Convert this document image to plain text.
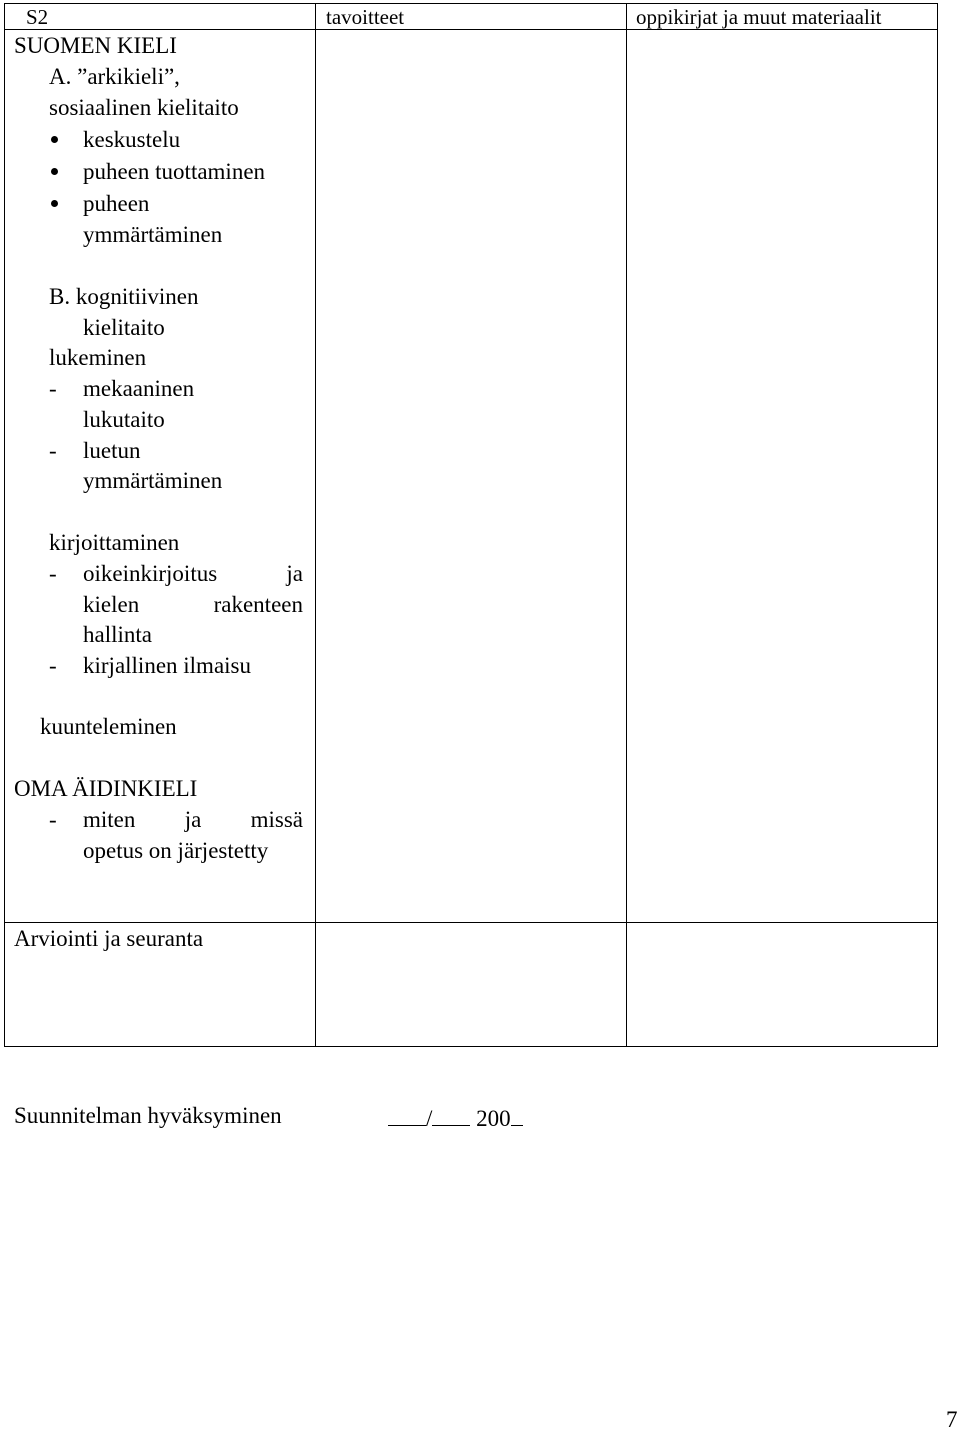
S2	tavoitteet	oppikirjat ja muut materiaalit
SUOMEN KIELI
A. ”arkikieli”,
sosiaalinen kielitaito
keskustelu
puheen tuottaminen
puheen
ymmärtäminen
B. kognitiivinen
kielitaito
lukeminen
- mekaaninen
lukutaito
- luetun
ymmärtäminen
kirjoittaminen
- oikeinkirjoitus	ja
kielen	rakenteen
hallinta
- kirjallinen ilmaisu
kuunteleminen
OMA ÄIDINKIELI
- miten ja missä
opetus on järjestetty
Arviointi ja seuranta
Suunnitelman hyväksyminen	/ 200
7
